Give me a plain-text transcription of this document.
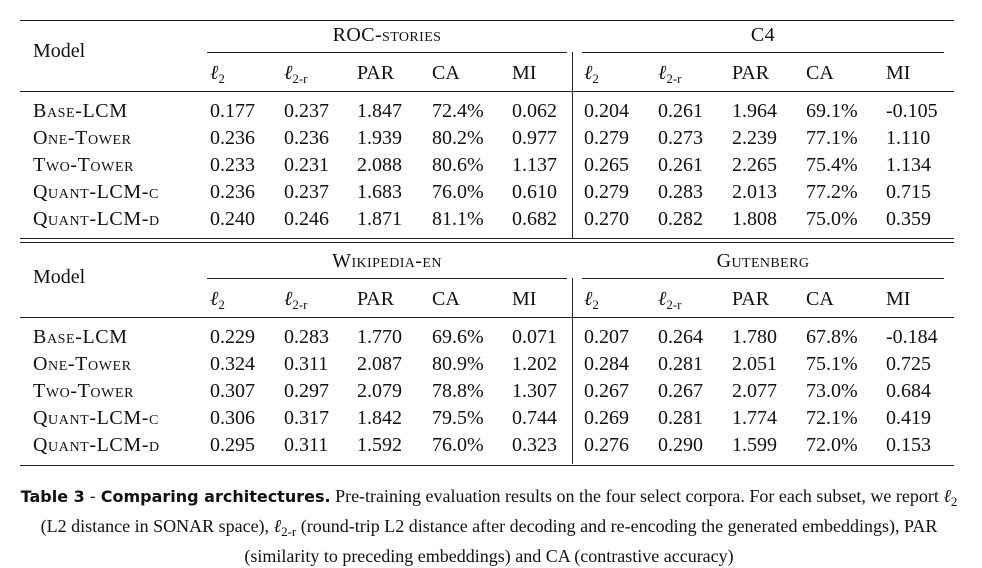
Model
ROC-stories	C4
ℓ$_2$	ℓ$_{2-r}$ PAR CA	MI ℓ$_2$	ℓ$_{2-r}$	PAR CA	MI
Base-LCM	0.177 0.237 1.847 72.4% 0.062 0.204 0.261 1.964 69.1% -0.105
One-Tower	0.236 0.236 1.939 80.2% 0.977 0.279 0.273 2.239 77.1% 1.110
Two-Tower	0.233 0.231 2.088 80.6% 1.137 0.265 0.261 2.265 75.4% 1.134
Quant-LCM-c	0.236 0.237 1.683 76.0% 0.610 0.279 0.283 2.013 77.2% 0.715
Quant-LCM-d	0.240 0.246 1.871 81.1% 0.682 0.270 0.282 1.808 75.0% 0.359
Model
Wikipedia-en	Gutenberg
ℓ$_2$	ℓ$_{2-r}$ PAR CA	MI ℓ$_2$	ℓ$_{2-r}$	PAR CA	MI
Base-LCM	0.229 0.283 1.770 69.6% 0.071 0.207 0.264 1.780 67.8% -0.184
One-Tower	0.324 0.311 2.087 80.9% 1.202 0.284 0.281 2.051 75.1% 0.725
Two-Tower	0.307 0.297 2.079 78.8% 1.307 0.267 0.267 2.077 73.0% 0.684
Quant-LCM-c	0.306 0.317 1.842 79.5% 0.744 0.269 0.281 1.774 72.1% 0.419
Quant-LCM-d	0.295 0.311 1.592 76.0% 0.323 0.276 0.290 1.599 72.0% 0.153
Table 3 - Comparing architectures. Pre-training evaluation results on the four select corpora. For each subset, we report ℓ$_2$ (L2 distance in SONAR space), ℓ$_{2-r}$ (round-trip L2 distance after decoding and re-encoding the generated embeddings), PAR (similarity to preceding embeddings) and CA (contrastive accuracy)
